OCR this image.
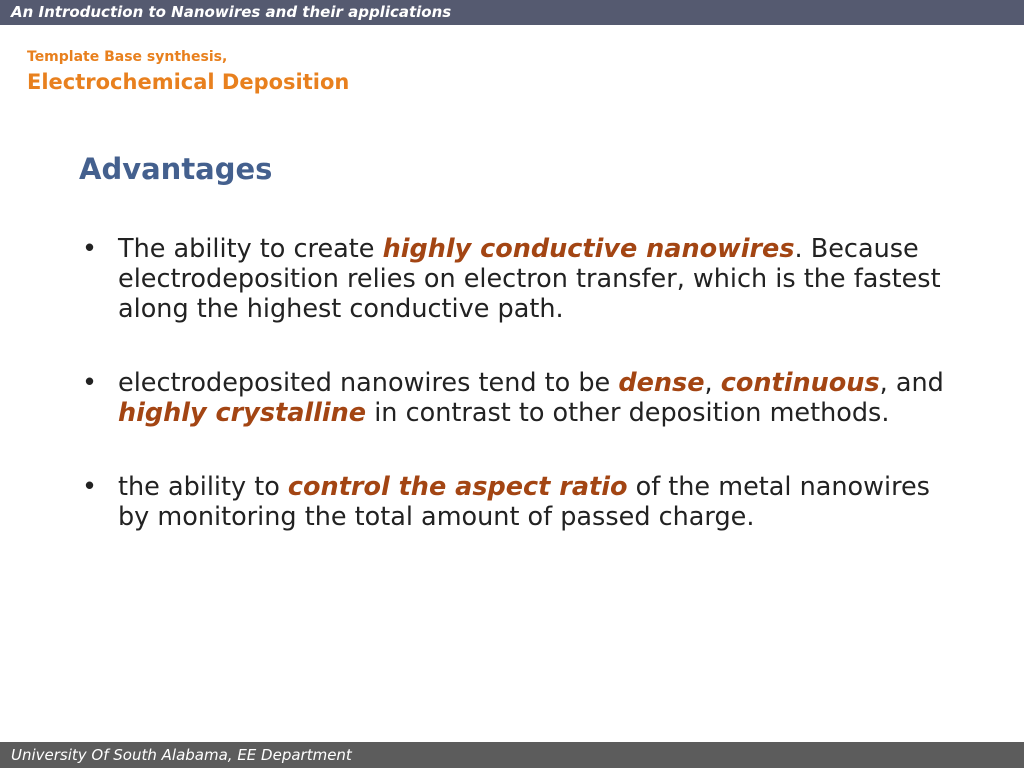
An Introduction to Nanowires and their applications
Template Base synthesis,
Electrochemical Deposition
Advantages
• The ability to create highly conductive nanowires. Because electrodeposition relies on electron transfer, which is the fastest along the highest conductive path.
• electrodeposited nanowires tend to be dense, continuous, and highly crystalline in contrast to other deposition methods.
• the ability to control the aspect ratio of the metal nanowires by monitoring the total amount of passed charge.
University Of South Alabama, EE Department
